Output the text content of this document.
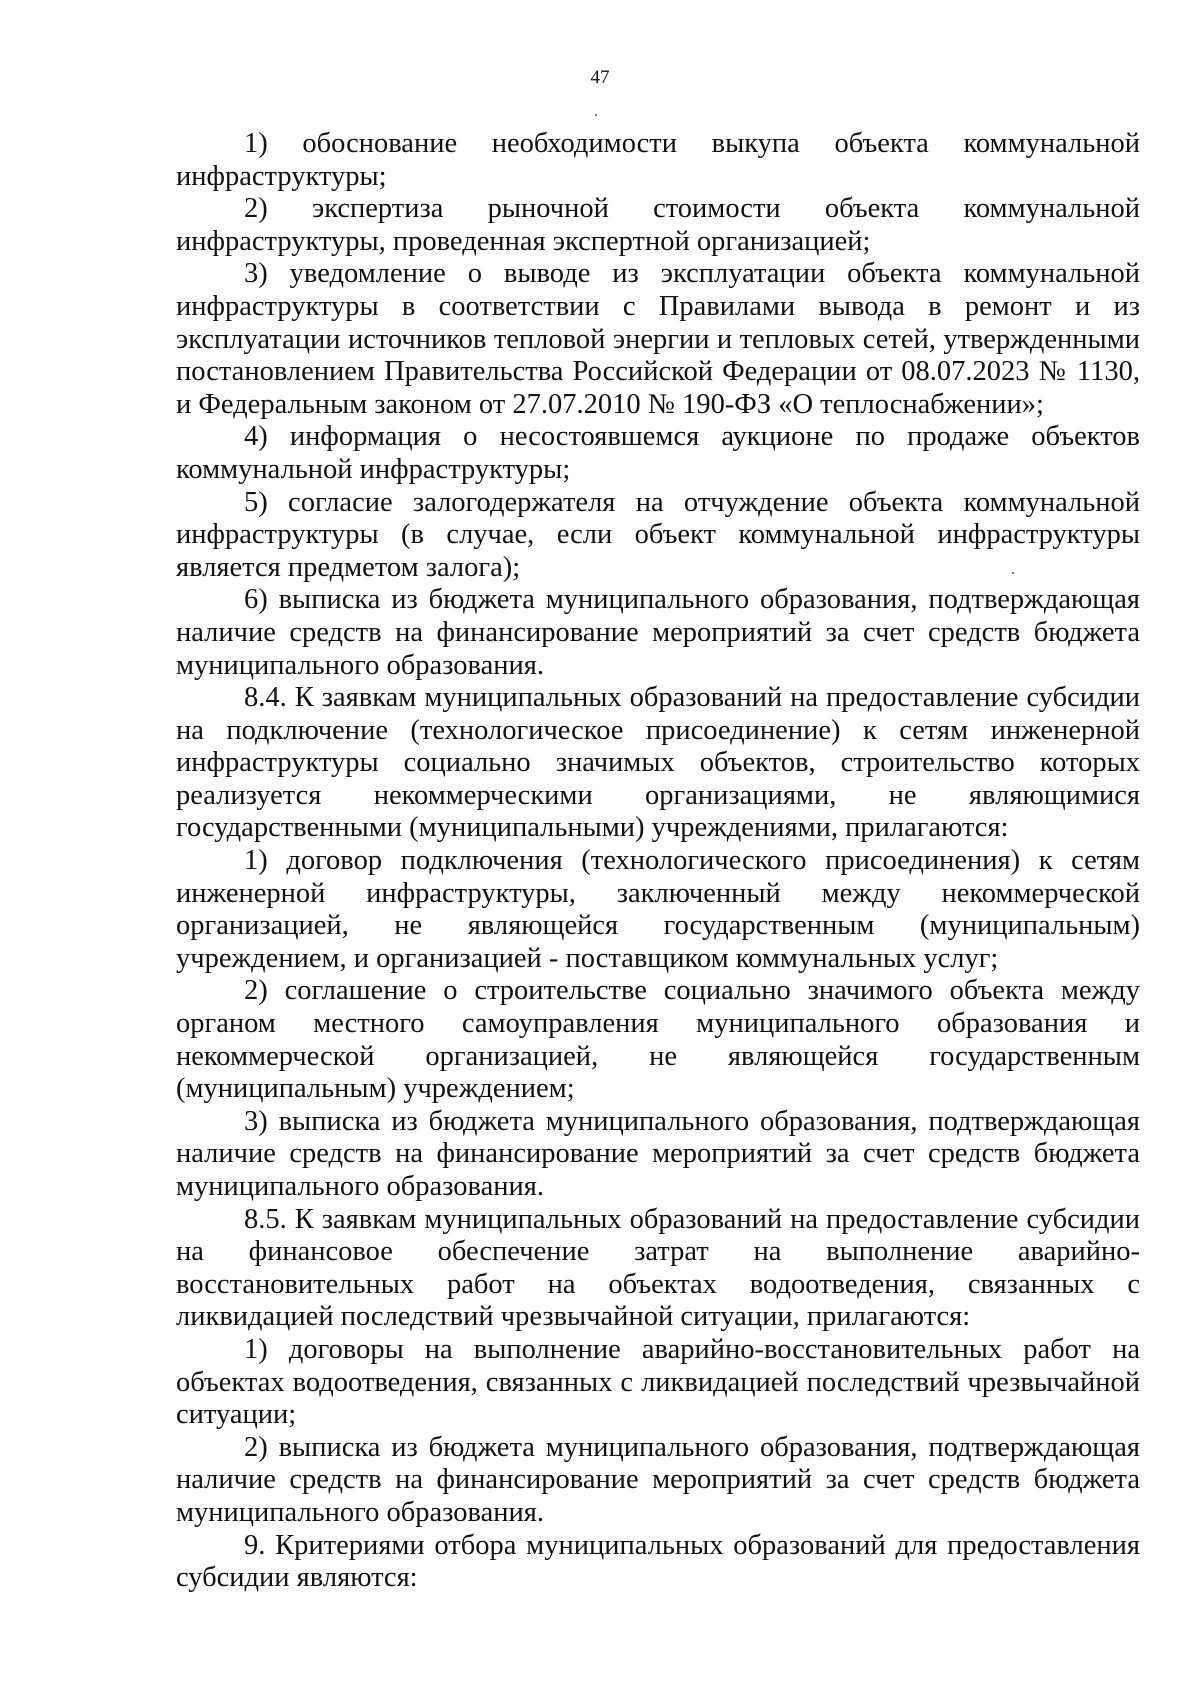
47

1) обоснование необходимости выкупа объекта коммунальной инфраструктуры;

2) экспертиза рыночной стоимости объекта коммунальной инфраструктуры, проведенная экспертной организацией;

3) уведомление о выводе из эксплуатации объекта коммунальной инфраструктуры в соответствии с Правилами вывода в ремонт и из эксплуатации источников тепловой энергии и тепловых сетей, утвержденными постановлением Правительства Российской Федерации от 08.07.2023 № 1130, и Федеральным законом от 27.07.2010 № 190-ФЗ «О теплоснабжении»;

4) информация о несостоявшемся аукционе по продаже объектов коммунальной инфраструктуры;

5) согласие залогодержателя на отчуждение объекта коммунальной инфраструктуры (в случае, если объект коммунальной инфраструктуры является предметом залога);

6) выписка из бюджета муниципального образования, подтверждающая наличие средств на финансирование мероприятий за счет средств бюджета муниципального образования.

8.4. К заявкам муниципальных образований на предоставление субсидии на подключение (технологическое присоединение) к сетям инженерной инфраструктуры социально значимых объектов, строительство которых реализуется некоммерческими организациями, не являющимися государственными (муниципальными) учреждениями, прилагаются:

1) договор подключения (технологического присоединения) к сетям инженерной инфраструктуры, заключенный между некоммерческой организацией, не являющейся государственным (муниципальным) учреждением, и организацией - поставщиком коммунальных услуг;

2) соглашение о строительстве социально значимого объекта между органом местного самоуправления муниципального образования и некоммерческой организацией, не являющейся государственным (муниципальным) учреждением;

3) выписка из бюджета муниципального образования, подтверждающая наличие средств на финансирование мероприятий за счет средств бюджета муниципального образования.

8.5. К заявкам муниципальных образований на предоставление субсидии на финансовое обеспечение затрат на выполнение аварийно-восстановительных работ на объектах водоотведения, связанных с ликвидацией последствий чрезвычайной ситуации, прилагаются:

1) договоры на выполнение аварийно-восстановительных работ на объектах водоотведения, связанных с ликвидацией последствий чрезвычайной ситуации;

2) выписка из бюджета муниципального образования, подтверждающая наличие средств на финансирование мероприятий за счет средств бюджета муниципального образования.

9. Критериями отбора муниципальных образований для предоставления субсидии являются:
